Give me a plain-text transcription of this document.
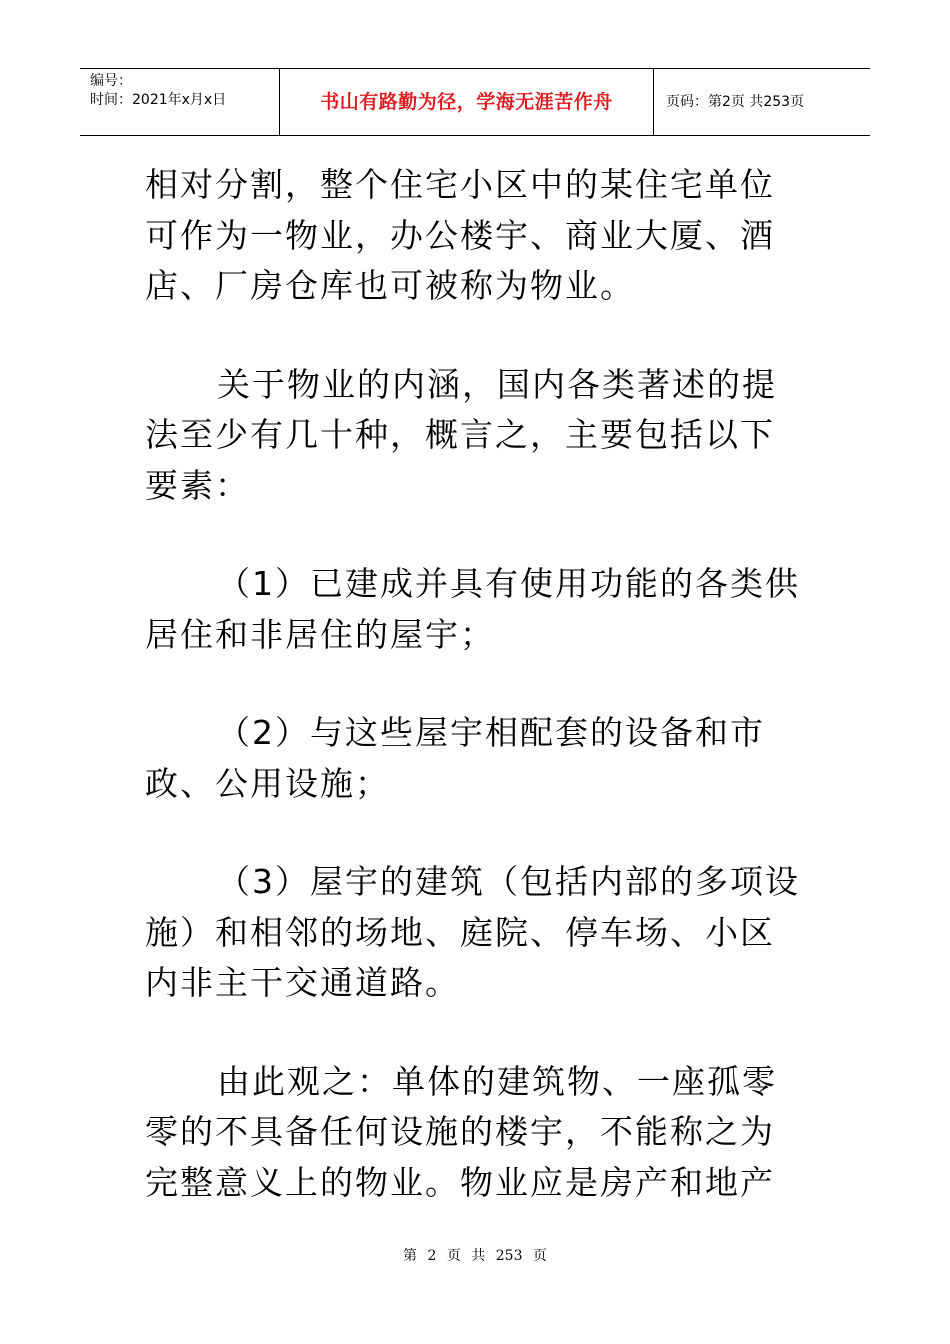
编号：
时间：2021年x月x日	书山有路勤为径，学海无涯苦作舟	页码：第2页 共253页

相对分割，整个住宅小区中的某住宅单位可作为一物业，办公楼宇、商业大厦、酒店、厂房仓库也可被称为物业。

关于物业的内涵，国内各类著述的提法至少有几十种，概言之，主要包括以下要素：

（1）已建成并具有使用功能的各类供居住和非居住的屋宇；

（2）与这些屋宇相配套的设备和市政、公用设施；

（3）屋宇的建筑（包括内部的多项设施）和相邻的场地、庭院、停车场、小区内非主干交通道路。

由此观之：单体的建筑物、一座孤零零的不具备任何设施的楼宇，不能称之为完整意义上的物业。物业应是房产和地产

第 2 页 共 253 页
